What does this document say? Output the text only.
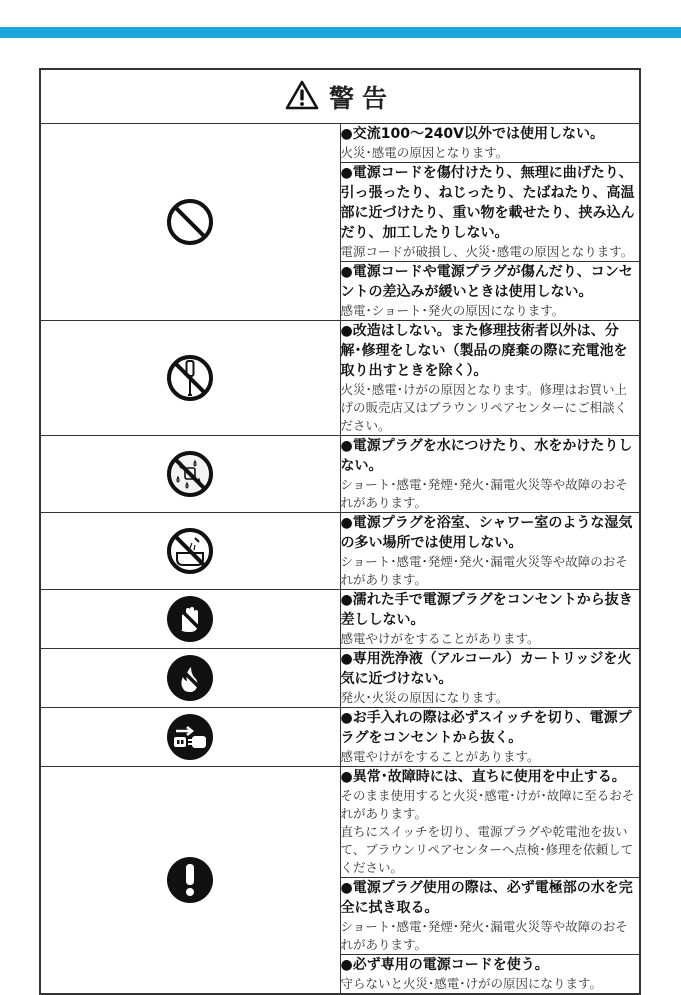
警告	

●交流100〜240V以外では使用しない。
火災･感電の原因となります。

	●電源コードを傷付けたり、無理に曲げたり、引っ張ったり、ねじったり、たばねたり、高温部に近づけたり、重い物を載せたり、挟み込んだり、加工したりしない。
電源コードが破損し、火災･感電の原因となります。

	●電源コードや電源プラグが傷んだり、コンセントの差込みが緩いときは使用しない。
感電･ショート･発火の原因になります。

●改造はしない。また修理技術者以外は、分解･修理をしない（製品の廃棄の際に充電池を取り出すときを除く）。
火災･感電･けがの原因となります。修理はお買い上げの販売店又はブラウンリペアセンターにご相談ください。

●電源プラグを水につけたり、水をかけたりしない。
ショート･感電･発煙･発火･漏電火災等や故障のおそれがあります。

●電源プラグを浴室、シャワー室のような湿気の多い場所では使用しない。
ショート･感電･発煙･発火･漏電火災等や故障のおそれがあります。

●濡れた手で電源プラグをコンセントから抜き差ししない。
感電やけがをすることがあります。

●専用洗浄液（アルコール）カートリッジを火気に近づけない。
発火･火災の原因になります。

●お手入れの際は必ずスイッチを切り、電源プラグをコンセントから抜く。
感電やけがをすることがあります。

●異常･故障時には、直ちに使用を中止する。
そのまま使用すると火災･感電･けが･故障に至るおそれがあります。
直ちにスイッチを切り、電源プラグや乾電池を抜いて、ブラウンリペアセンターへ点検･修理を依頼してください。

	●電源プラグ使用の際は、必ず電極部の水を完全に拭き取る。
ショート･感電･発煙･発火･漏電火災等や故障のおそれがあります。

	●必ず専用の電源コードを使う。
守らないと火災･感電･けがの原因になります。
